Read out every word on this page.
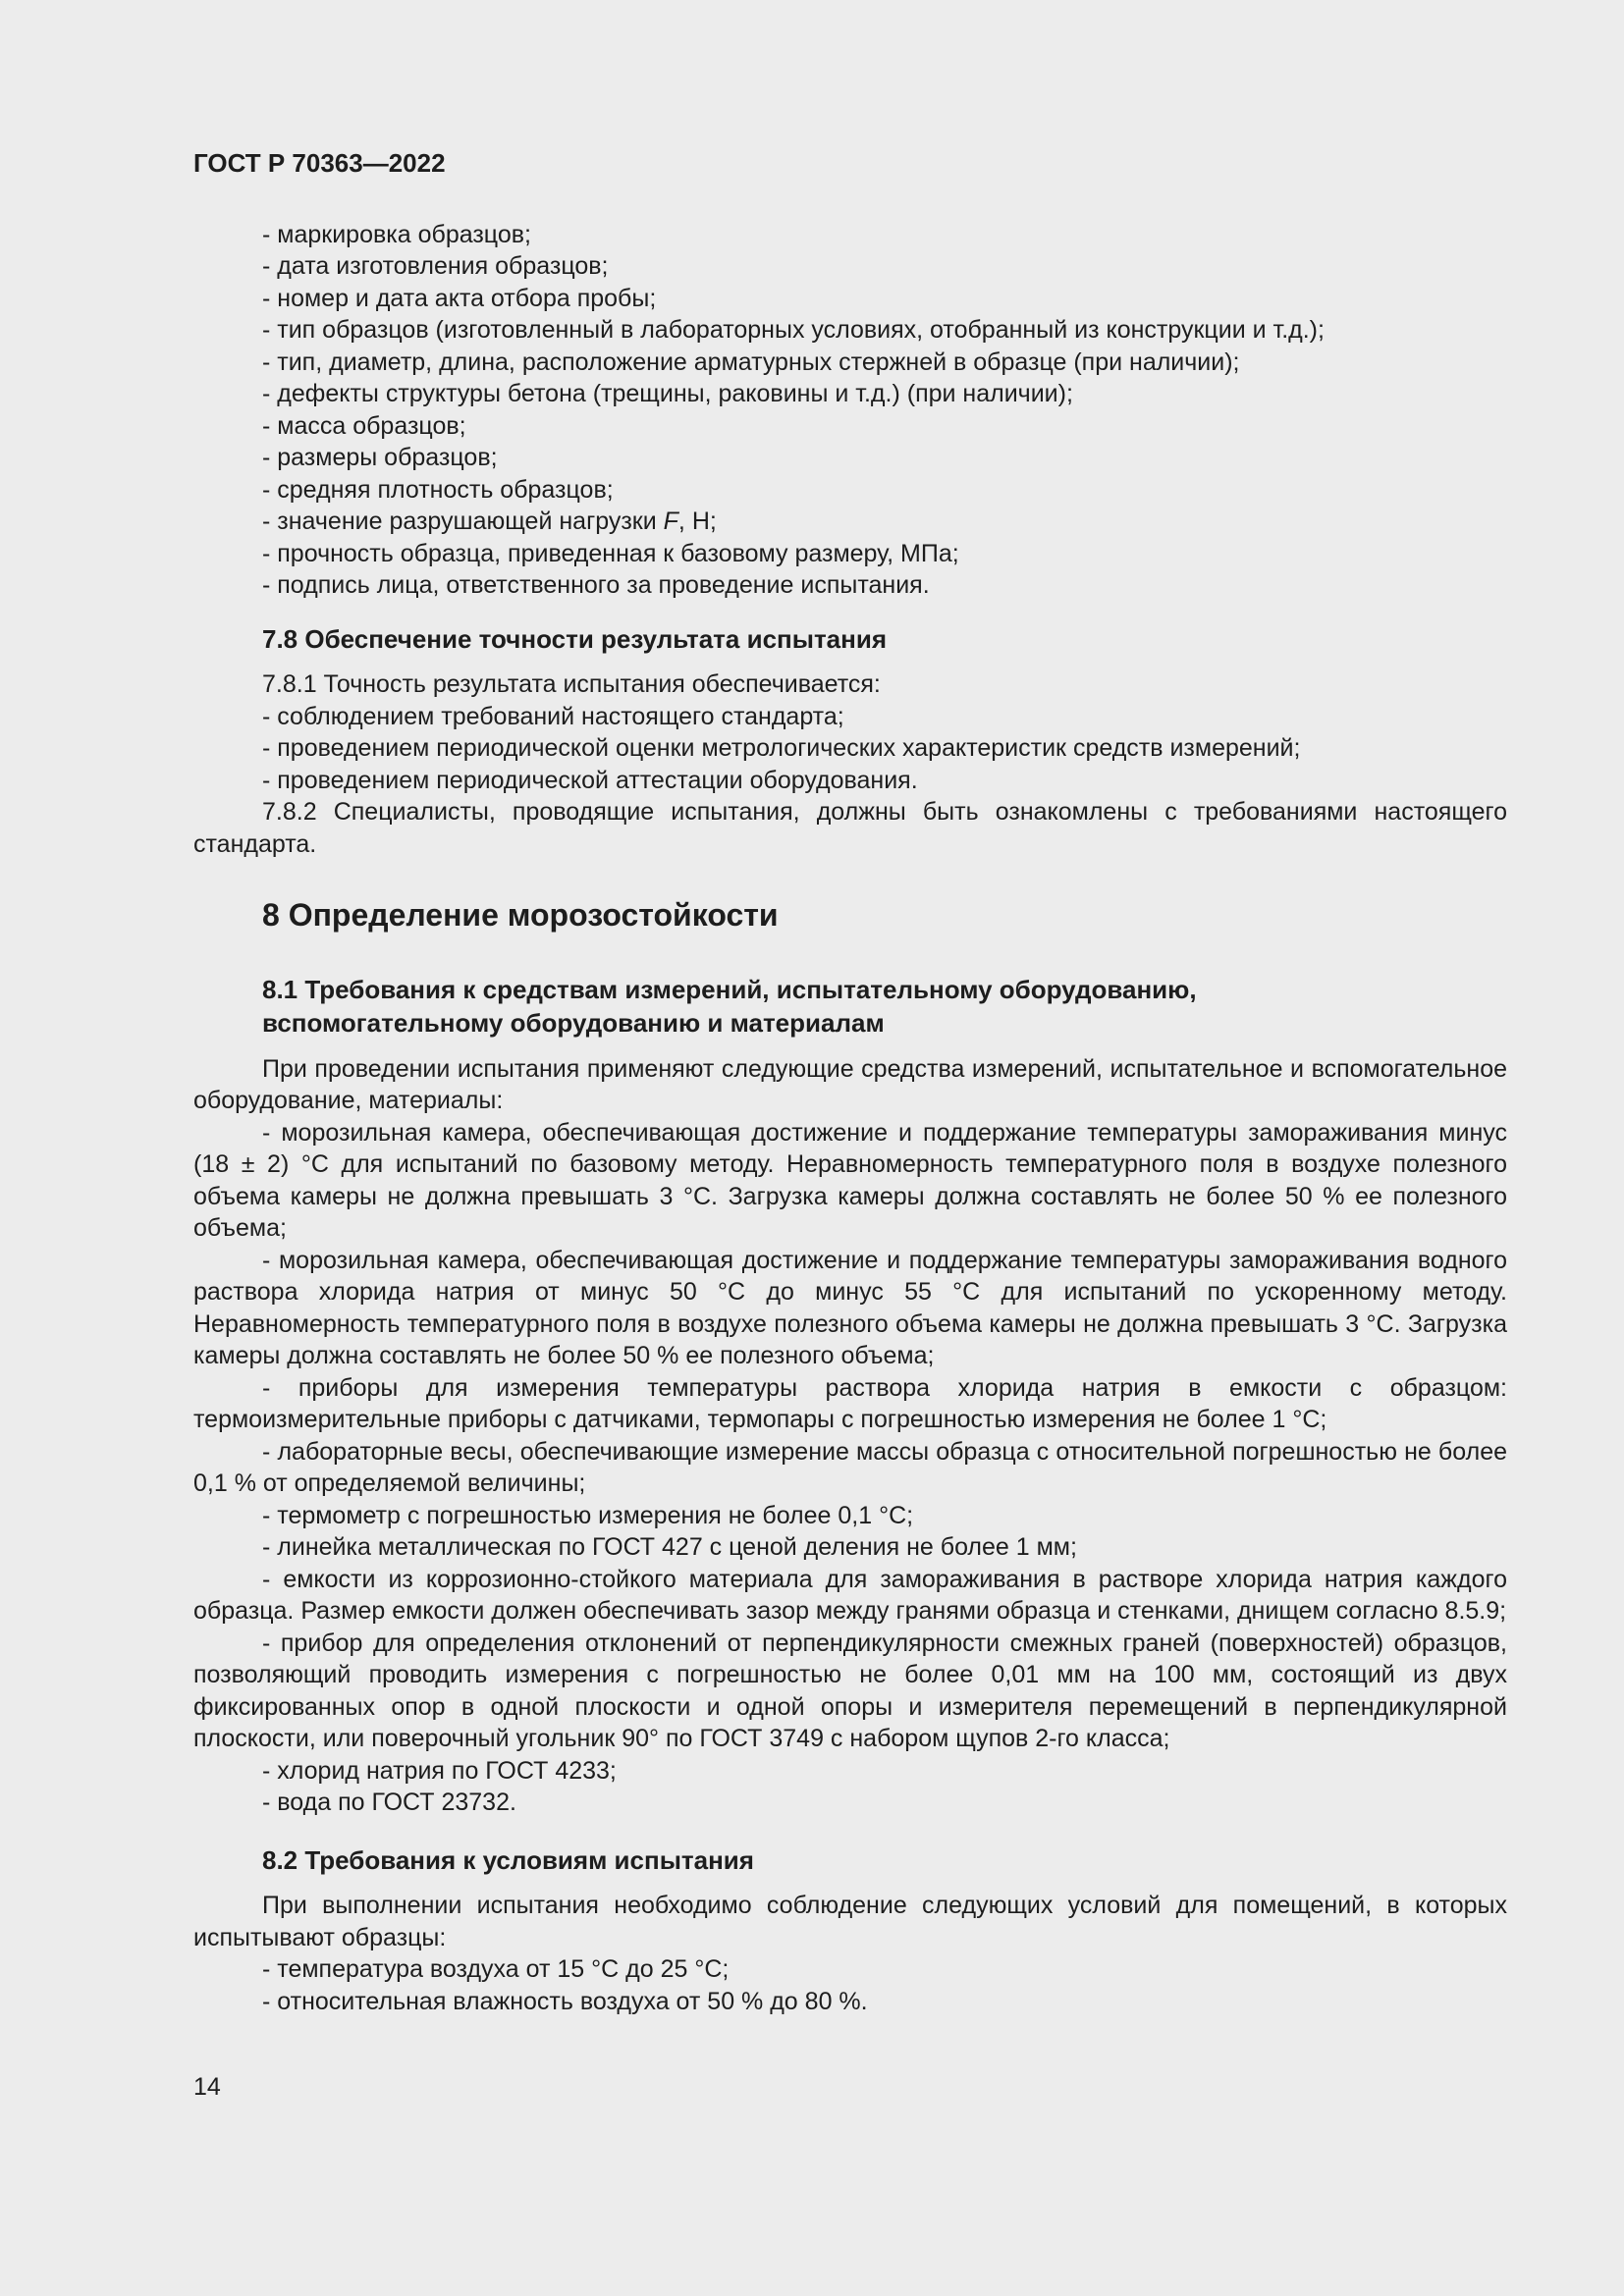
ГОСТ Р 70363—2022
- маркировка образцов;
- дата изготовления образцов;
- номер и дата акта отбора пробы;
- тип образцов (изготовленный в лабораторных условиях, отобранный из конструкции и т.д.);
- тип, диаметр, длина, расположение арматурных стержней в образце (при наличии);
- дефекты структуры бетона (трещины, раковины и т.д.) (при наличии);
- масса образцов;
- размеры образцов;
- средняя плотность образцов;
- значение разрушающей нагрузки F, Н;
- прочность образца, приведенная к базовому размеру, МПа;
- подпись лица, ответственного за проведение испытания.
7.8 Обеспечение точности результата испытания
7.8.1 Точность результата испытания обеспечивается:
- соблюдением требований настоящего стандарта;
- проведением периодической оценки метрологических характеристик средств измерений;
- проведением периодической аттестации оборудования.

7.8.2 Специалисты, проводящие испытания, должны быть ознакомлены с требованиями настоящего стандарта.

8 Определение морозостойкости
8.1 Требования к средствам измерений, испытательному оборудованию,
вспомогательному оборудованию и материалам

При проведении испытания применяют следующие средства измерений, испытательное и вспомогательное оборудование, материалы:

- морозильная камера, обеспечивающая достижение и поддержание температуры замораживания минус (18 ± 2) °С для испытаний по базовому методу. Неравномерность температурного поля в воздухе полезного объема камеры не должна превышать 3 °С. Загрузка камеры должна составлять не более 50 % ее полезного объема;

- морозильная камера, обеспечивающая достижение и поддержание температуры замораживания водного раствора хлорида натрия от минус 50 °С до минус 55 °С для испытаний по ускоренному методу. Неравномерность температурного поля в воздухе полезного объема камеры не должна превышать 3 °С. Загрузка камеры должна составлять не более 50 % ее полезного объема;

- приборы для измерения температуры раствора хлорида натрия в емкости с образцом: термоизмерительные приборы с датчиками, термопары с погрешностью измерения не более 1 °С;

- лабораторные весы, обеспечивающие измерение массы образца с относительной погрешностью не более 0,1 % от определяемой величины;

- термометр с погрешностью измерения не более 0,1 °С;

- линейка металлическая по ГОСТ 427 с ценой деления не более 1 мм;

- емкости из коррозионно-стойкого материала для замораживания в растворе хлорида натрия каждого образца. Размер емкости должен обеспечивать зазор между гранями образца и стенками, днищем согласно 8.5.9;

- прибор для определения отклонений от перпендикулярности смежных граней (поверхностей) образцов, позволяющий проводить измерения с погрешностью не более 0,01 мм на 100 мм, состоящий из двух фиксированных опор в одной плоскости и одной опоры и измерителя перемещений в перпендикулярной плоскости, или поверочный угольник 90° по ГОСТ 3749 с набором щупов 2-го класса;

- хлорид натрия по ГОСТ 4233;

- вода по ГОСТ 23732.

8.2 Требования к условиям испытания

При выполнении испытания необходимо соблюдение следующих условий для помещений, в которых испытывают образцы:

- температура воздуха от 15 °С до 25 °С;

- относительная влажность воздуха от 50 % до 80 %.

14
